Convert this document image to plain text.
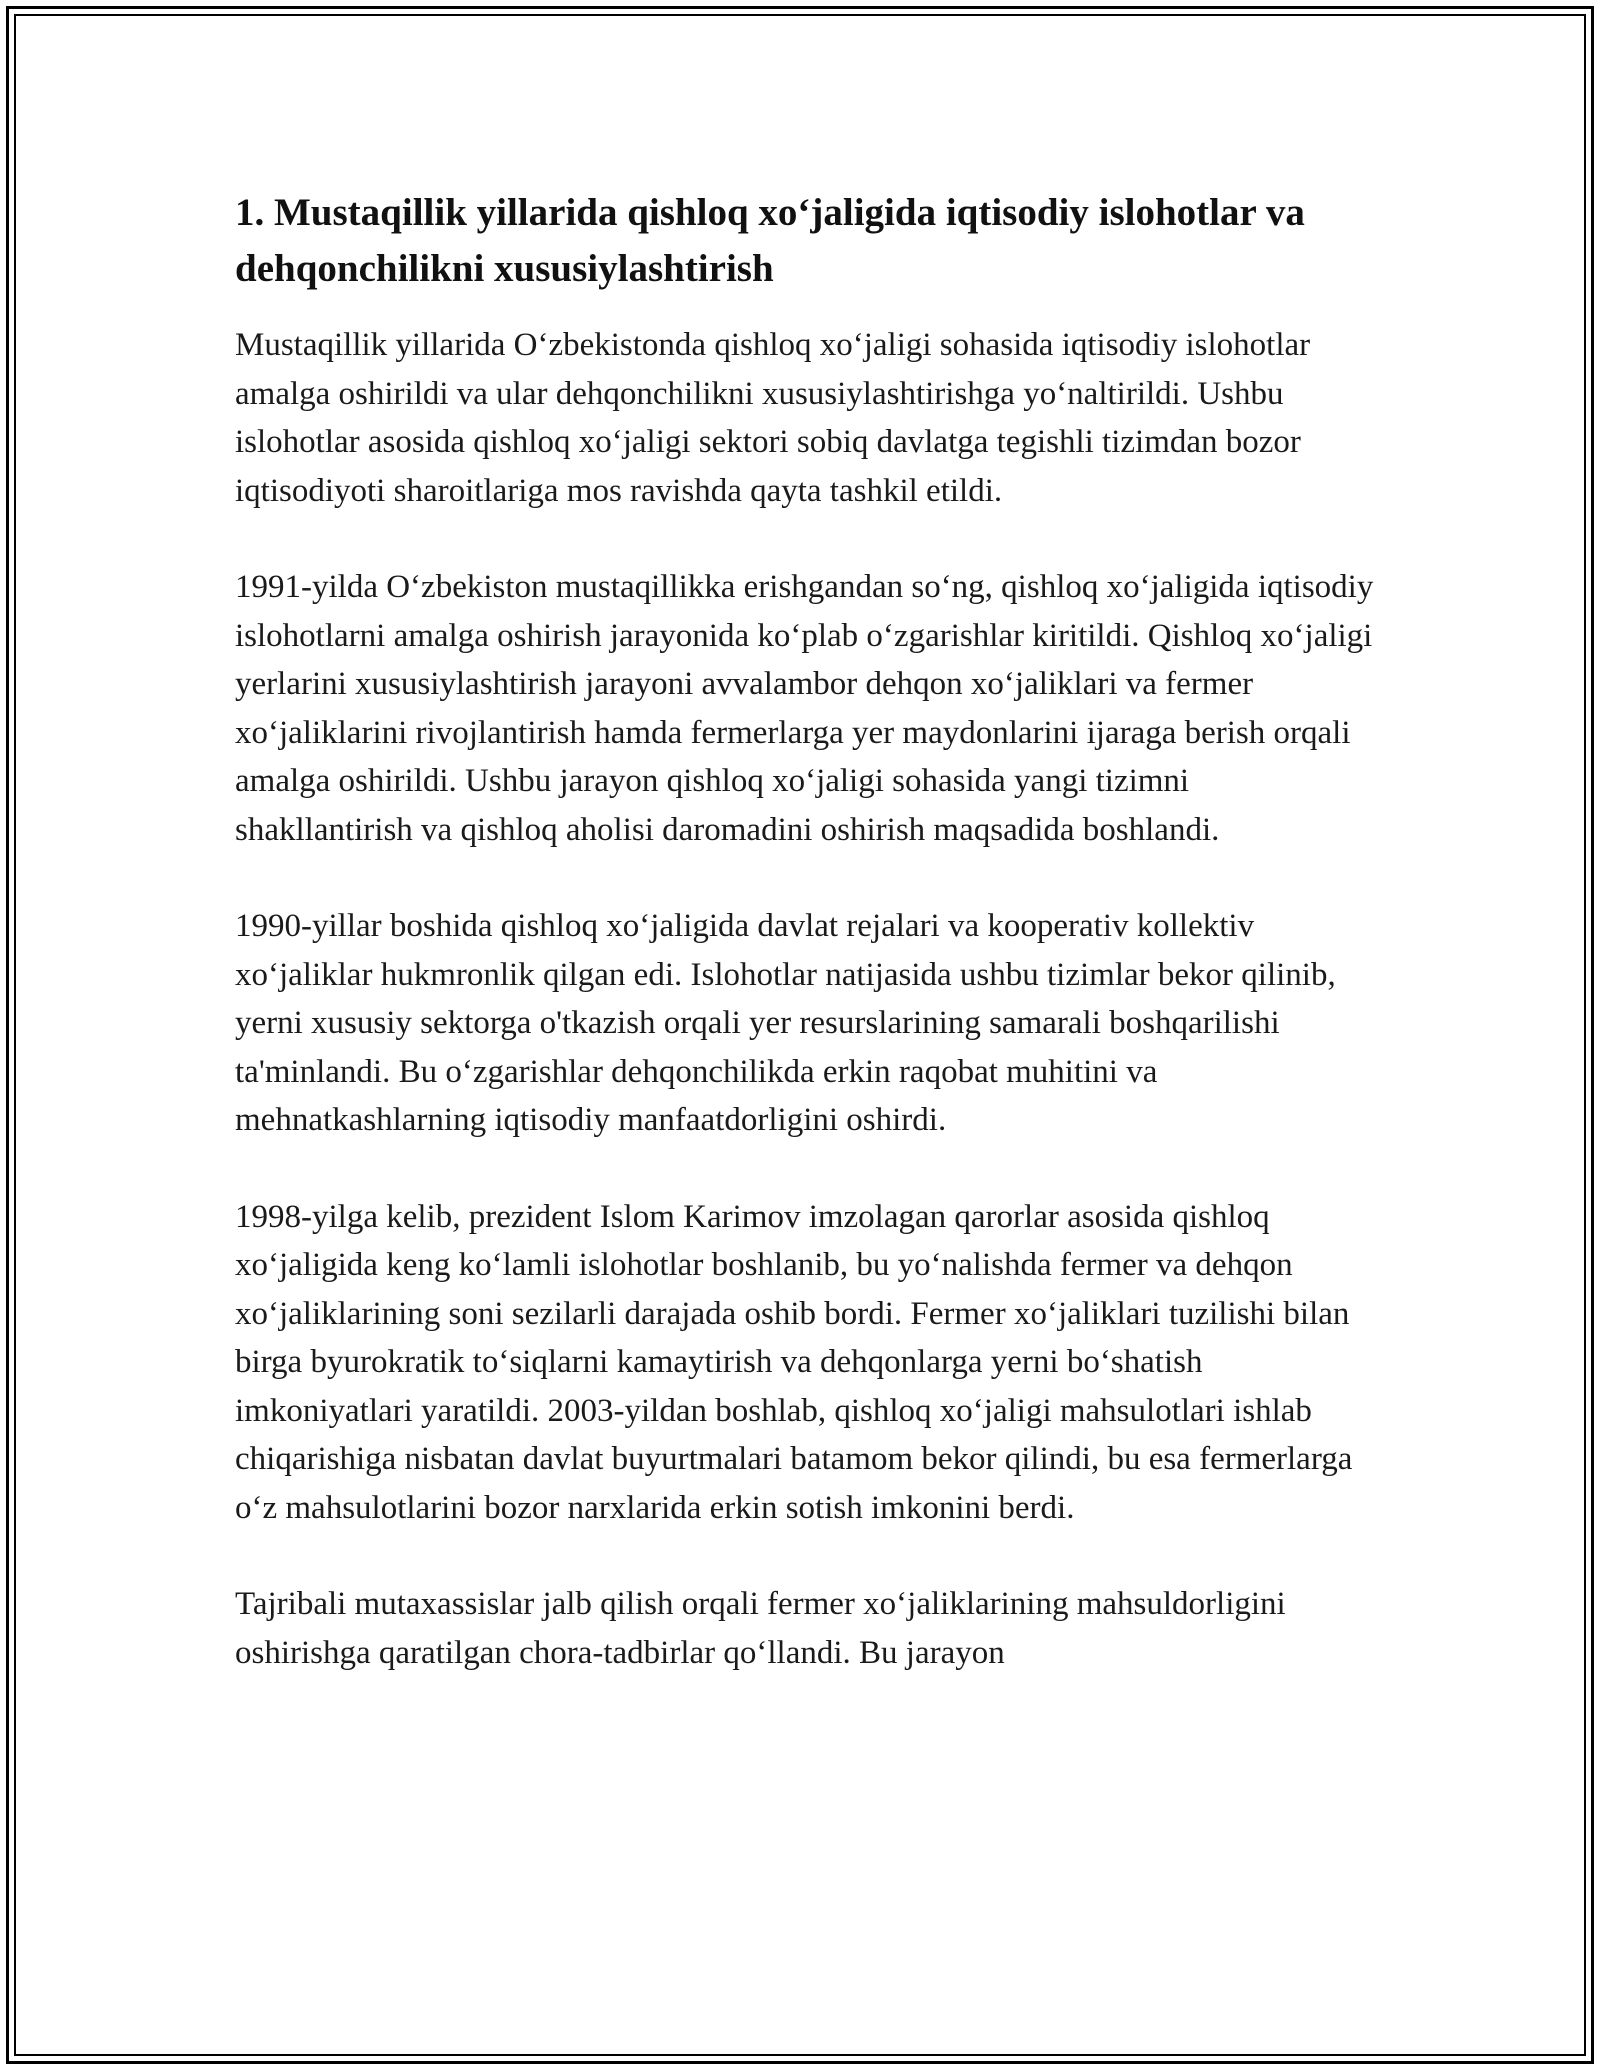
1. Mustaqillik yillarida qishloq xo‘jaligida iqtisodiy islohotlar va dehqonchilikni xususiylashtirish

Mustaqillik yillarida O‘zbekistonda qishloq xo‘jaligi sohasida iqtisodiy islohotlar amalga oshirildi va ular dehqonchilikni xususiylashtirishga yo‘naltirildi. Ushbu islohotlar asosida qishloq xo‘jaligi sektori sobiq davlatga tegishli tizimdan bozor iqtisodiyoti sharoitlariga mos ravishda qayta tashkil etildi.

1991-yilda O‘zbekiston mustaqillikka erishgandan so‘ng, qishloq xo‘jaligida iqtisodiy islohotlarni amalga oshirish jarayonida ko‘plab o‘zgarishlar kiritildi. Qishloq xo‘jaligi yerlarini xususiylashtirish jarayoni avvalambor dehqon xo‘jaliklari va fermer xo‘jaliklarini rivojlantirish hamda fermerlarga yer maydonlarini ijaraga berish orqali amalga oshirildi. Ushbu jarayon qishloq xo‘jaligi sohasida yangi tizimni shakllantirish va qishloq aholisi daromadini oshirish maqsadida boshlandi.

1990-yillar boshida qishloq xo‘jaligida davlat rejalari va kooperativ kollektiv xo‘jaliklar hukmronlik qilgan edi. Islohotlar natijasida ushbu tizimlar bekor qilinib, yerni xususiy sektorga o'tkazish orqali yer resurslarining samarali boshqarilishi ta'minlandi. Bu o‘zgarishlar dehqonchilikda erkin raqobat muhitini va mehnatkashlarning iqtisodiy manfaatdorligini oshirdi.

1998-yilga kelib, prezident Islom Karimov imzolagan qarorlar asosida qishloq xo‘jaligida keng ko‘lamli islohotlar boshlanib, bu yo‘nalishda fermer va dehqon xo‘jaliklarining soni sezilarli darajada oshib bordi. Fermer xo‘jaliklari tuzilishi bilan birga byurokratik to‘siqlarni kamaytirish va dehqonlarga yerni bo‘shatish imkoniyatlari yaratildi. 2003-yildan boshlab, qishloq xo‘jaligi mahsulotlari ishlab chiqarishiga nisbatan davlat buyurtmalari batamom bekor qilindi, bu esa fermerlarga o‘z mahsulotlarini bozor narxlarida erkin sotish imkonini berdi.

Tajribali mutaxassislar jalb qilish orqali fermer xo‘jaliklarining mahsuldorligini oshirishga qaratilgan chora-tadbirlar qo‘llandi. Bu jarayon
